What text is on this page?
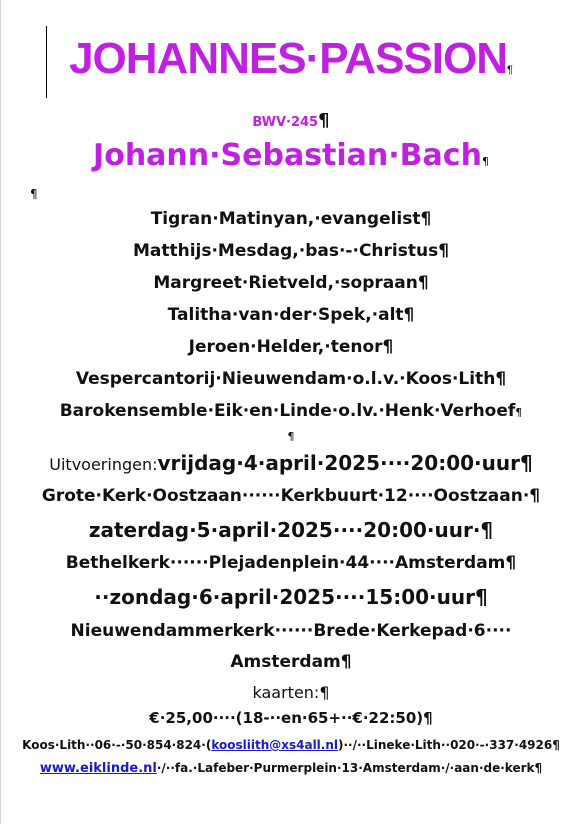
JOHANNES·PASSION¶
BWV·245¶
Johann·Sebastian·Bach¶
¶
Tigran·Matinyan,·evangelist¶
Matthijs·Mesdag,·bas·-·Christus¶
Margreet·Rietveld,·sopraan¶
Talitha·van·der·Spek,·alt¶
Jeroen·Helder,·tenor¶
Vespercantorij·Nieuwendam·o.l.v.·Koos·Lith¶
Barokensemble·Eik·en·Linde·o.lv.·Henk·Verhoef¶
¶
Uitvoeringen:vrijdag·4·april·2025····20:00·uur¶
Grote·Kerk·Oostzaan······Kerkbuurt·12····Oostzaan·¶
zaterdag·5·april·2025····20:00·uur·¶
Bethelkerk······Plejadenplein·44····Amsterdam¶
··zondag·6·april·2025····15:00·uur¶
Nieuwendammerkerk······Brede·Kerkepad·6····
Amsterdam¶
kaarten:¶
€·25,00····(18-··en·65+··€·22:50)¶
Koos·Lith··06·-·50·854·824·(koosliith@xs4all.nl)··/··Lineke·Lith··020·-·337·4926¶
www.eiklinde.nl·/··fa.·Lafeber·Purmerplein·13·Amsterdam·/·aan·de·kerk¶
